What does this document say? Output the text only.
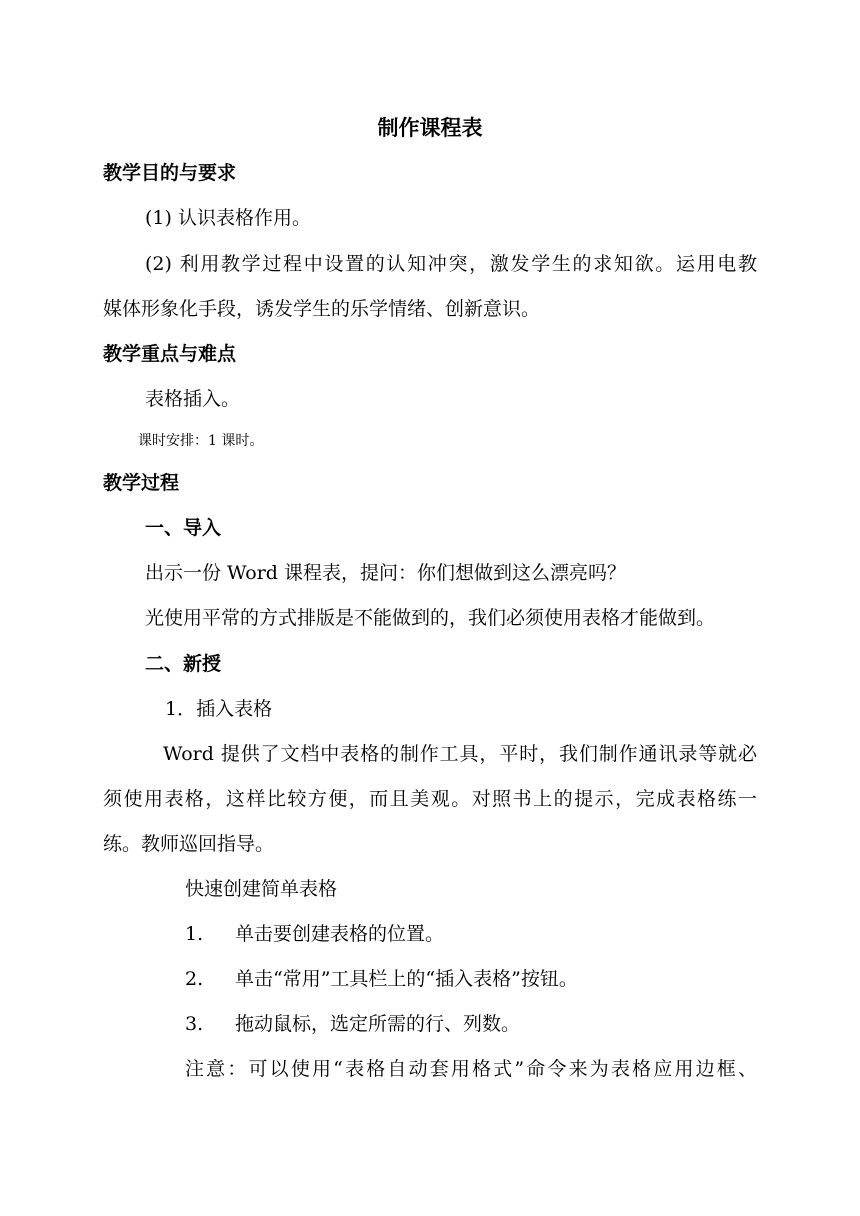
制作课程表
教学目的与要求
(1) 认识表格作用。
(2) 利用教学过程中设置的认知冲突，激发学生的求知欲。运用电教
媒体形象化手段，诱发学生的乐学情绪、创新意识。
教学重点与难点
表格插入。
课时安排：1 课时。
教学过程
一、导入
出示一份 Word 课程表，提问：你们想做到这么漂亮吗？
光使用平常的方式排版是不能做到的，我们必须使用表格才能做到。
二、新授
1．插入表格
Word 提供了文档中表格的制作工具，平时，我们制作通讯录等就必
须使用表格，这样比较方便，而且美观。对照书上的提示，完成表格练一
练。教师巡回指导。
快速创建简单表格
1. 单击要创建表格的位置。
2. 单击“常用”工具栏上的“插入表格”按钮。
3. 拖动鼠标，选定所需的行、列数。
注意：可以使用“表格自动套用格式”命令来为表格应用边框、
